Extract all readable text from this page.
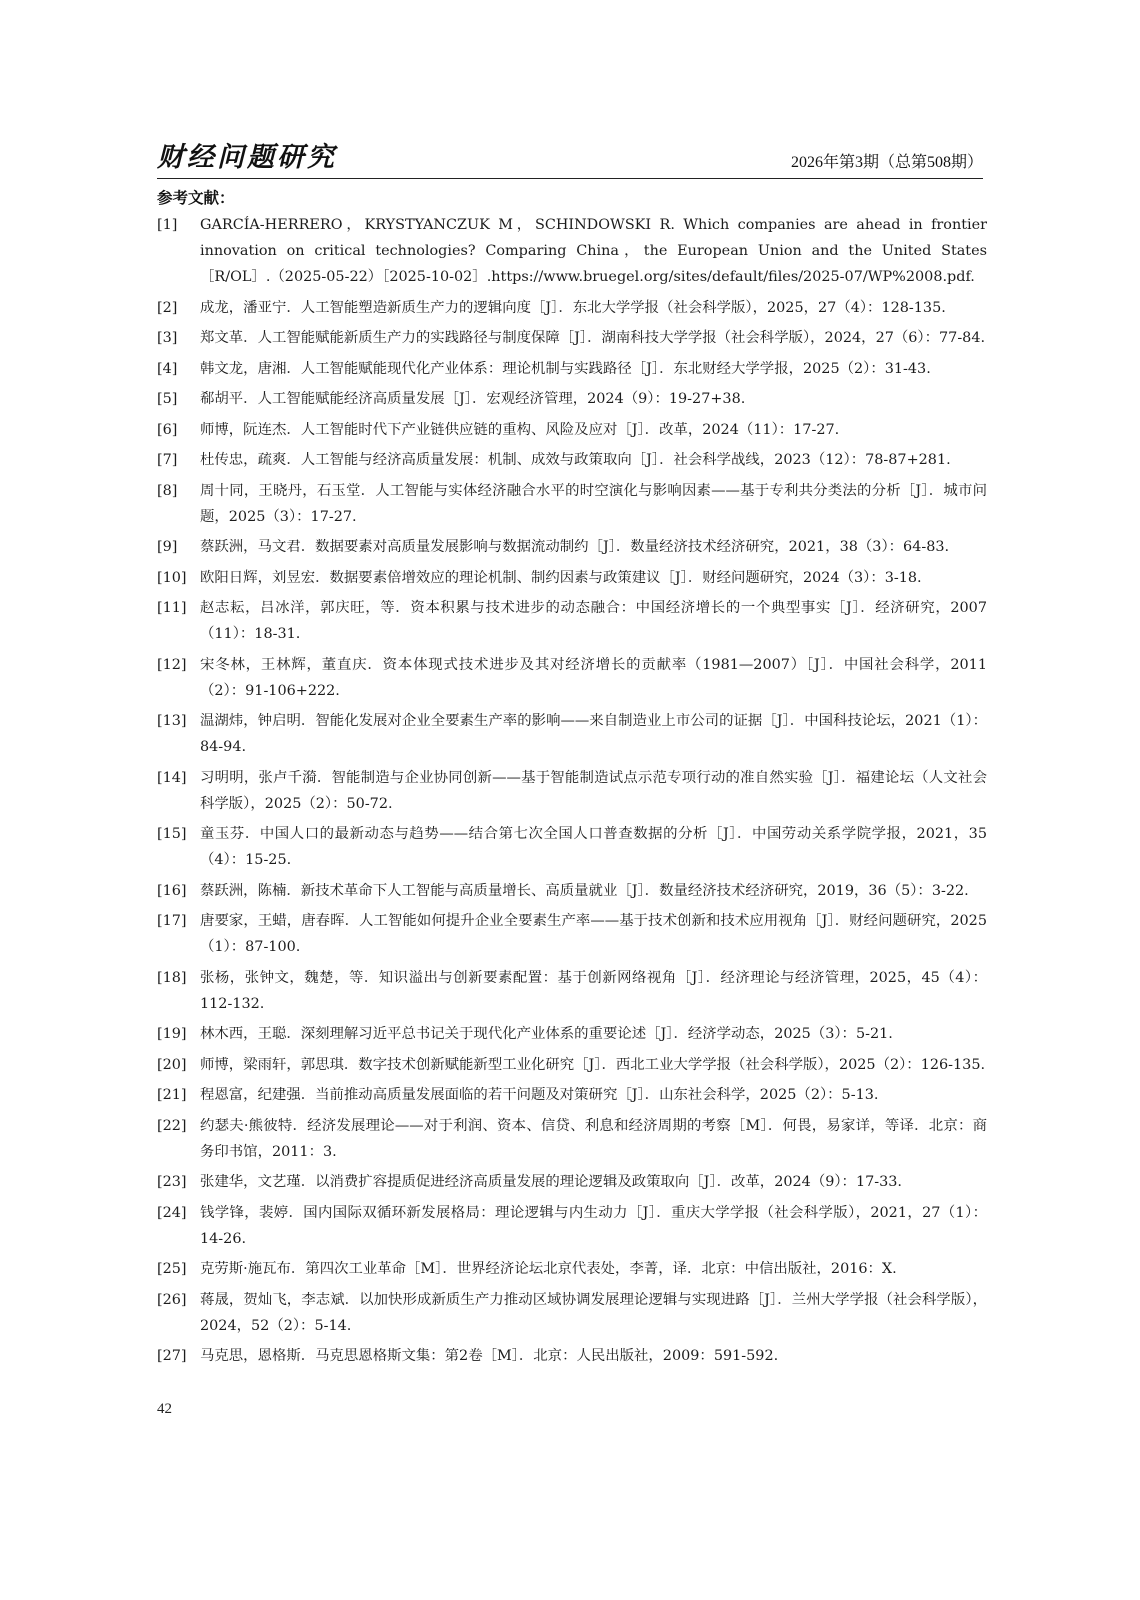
财经问题研究	2026年第3期（总第508期）
参考文献：
[1] GARCÍA-HERRERO，KRYSTYANCZUK M，SCHINDOWSKI R. Which companies are ahead in frontier innovation on critical technologies? Comparing China，the European Union and the United States［R/OL］.（2025-05-22）［2025-10-02］.https://www.bruegel.org/sites/default/files/2025-07/WP%2008.pdf.
[2] 成龙，潘亚宁．人工智能塑造新质生产力的逻辑向度［J］．东北大学学报（社会科学版），2025，27（4）：128-135.
[3] 郑文革．人工智能赋能新质生产力的实践路径与制度保障［J］．湖南科技大学学报（社会科学版），2024，27（6）：77-84.
[4] 韩文龙，唐湘．人工智能赋能现代化产业体系：理论机制与实践路径［J］．东北财经大学学报，2025（2）：31-43.
[5] 郗胡平．人工智能赋能经济高质量发展［J］．宏观经济管理，2024（9）：19-27+38.
[6] 师博，阮连杰．人工智能时代下产业链供应链的重构、风险及应对［J］．改革，2024（11）：17-27.
[7] 杜传忠，疏爽．人工智能与经济高质量发展：机制、成效与政策取向［J］．社会科学战线，2023（12）：78-87+281.
[8] 周十同，王晓丹，石玉堂．人工智能与实体经济融合水平的时空演化与影响因素——基于专利共分类法的分析［J］．城市问题，2025（3）：17-27.
[9] 蔡跃洲，马文君．数据要素对高质量发展影响与数据流动制约［J］．数量经济技术经济研究，2021，38（3）：64-83.
[10] 欧阳日辉，刘昱宏．数据要素倍增效应的理论机制、制约因素与政策建议［J］．财经问题研究，2024（3）：3-18.
[11] 赵志耘，吕冰洋，郭庆旺，等．资本积累与技术进步的动态融合：中国经济增长的一个典型事实［J］．经济研究，2007（11）：18-31.
[12] 宋冬林，王林辉，董直庆．资本体现式技术进步及其对经济增长的贡献率（1981—2007）［J］．中国社会科学，2011（2）：91-106+222.
[13] 温湖炜，钟启明．智能化发展对企业全要素生产率的影响——来自制造业上市公司的证据［J］．中国科技论坛，2021（1）：84-94.
[14] 习明明，张卢千漪．智能制造与企业协同创新——基于智能制造试点示范专项行动的准自然实验［J］．福建论坛（人文社会科学版），2025（2）：50-72.
[15] 童玉芬．中国人口的最新动态与趋势——结合第七次全国人口普查数据的分析［J］．中国劳动关系学院学报，2021，35（4）：15-25.
[16] 蔡跃洲，陈楠．新技术革命下人工智能与高质量增长、高质量就业［J］．数量经济技术经济研究，2019，36（5）：3-22.
[17] 唐要家，王蜡，唐春晖．人工智能如何提升企业全要素生产率——基于技术创新和技术应用视角［J］．财经问题研究，2025（1）：87-100.
[18] 张杨，张钟文，魏楚，等．知识溢出与创新要素配置：基于创新网络视角［J］．经济理论与经济管理，2025，45（4）：112-132.
[19] 林木西，王聪．深刻理解习近平总书记关于现代化产业体系的重要论述［J］．经济学动态，2025（3）：5-21.
[20] 师博，梁雨轩，郭思琪．数字技术创新赋能新型工业化研究［J］．西北工业大学学报（社会科学版），2025（2）：126-135.
[21] 程恩富，纪建强．当前推动高质量发展面临的若干问题及对策研究［J］．山东社会科学，2025（2）：5-13.
[22] 约瑟夫·熊彼特．经济发展理论——对于利润、资本、信贷、利息和经济周期的考察［M］．何畏，易家详，等译．北京：商务印书馆，2011：3.
[23] 张建华，文艺瑾．以消费扩容提质促进经济高质量发展的理论逻辑及政策取向［J］．改革，2024（9）：17-33.
[24] 钱学锋，裴婷．国内国际双循环新发展格局：理论逻辑与内生动力［J］．重庆大学学报（社会科学版），2021，27（1）：14-26.
[25] 克劳斯·施瓦布．第四次工业革命［M］．世界经济论坛北京代表处，李菁，译．北京：中信出版社，2016：X.
[26] 蒋晟，贺灿飞，李志斌．以加快形成新质生产力推动区域协调发展理论逻辑与实现进路［J］．兰州大学学报（社会科学版），2024，52（2）：5-14.
[27] 马克思，恩格斯．马克思恩格斯文集：第2卷［M］．北京：人民出版社，2009：591-592.
42
